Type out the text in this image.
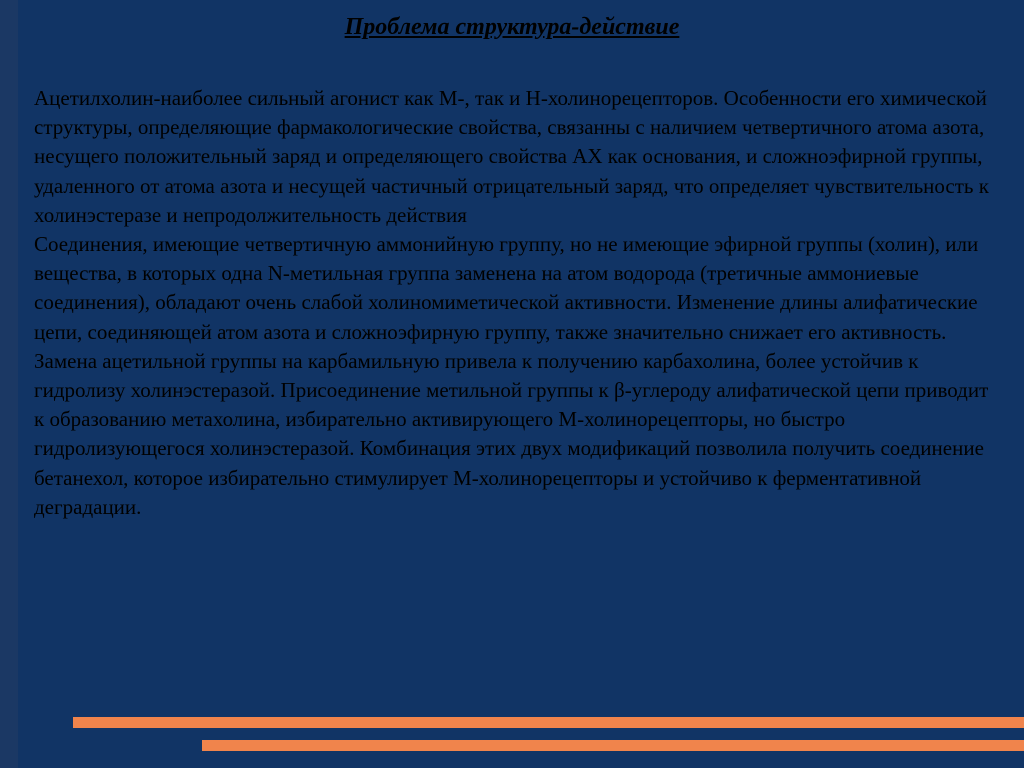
Проблема структура-действие

Ацетилхолин-наиболее сильный агонист как М-, так и Н-холинорецепторов. Особенности его химической структуры, определяющие фармакологические свойства, связанны с наличием четвертичного атома азота, несущего положительный заряд и определяющего свойства АХ как основания, и сложноэфирной группы, удаленного от атома азота и несущей частичный отрицательный заряд, что определяет чувствительность к холинэстеразе и непродолжительность действия

Соединения, имеющие четвертичную аммонийную группу, но не имеющие эфирной группы (холин), или вещества, в которых одна N-метильная группа заменена на атом водорода (третичные аммониевые соединения), обладают очень слабой холиномиметической активности. Изменение длины алифатические цепи, соединяющей атом азота и сложноэфирную группу, также значительно снижает его активность.

Замена ацетильной группы на карбамильную привела к получению карбахолина, более устойчив к гидролизу холинэстеразой. Присоединение метильной группы к β-углероду алифатической цепи приводит к образованию метахолина, избирательно активирующего М-холинорецепторы, но быстро гидролизующегося холинэстеразой. Комбинация этих двух модификаций позволила получить соединение бетанехол, которое избирательно стимулирует М-холинорецепторы и устойчиво к ферментативной деградации.
